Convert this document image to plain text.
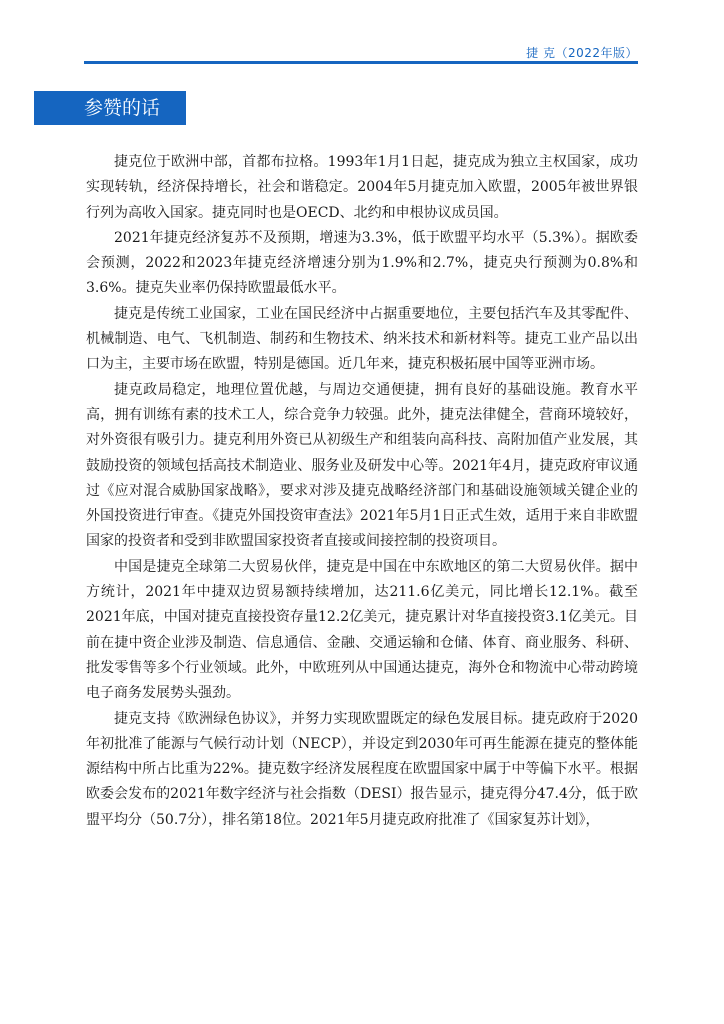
捷 克（2022年版）
参赞的话

捷克位于欧洲中部，首都布拉格。1993年1月1日起，捷克成为独立主权国家，成功实现转轨，经济保持增长，社会和谐稳定。2004年5月捷克加入欧盟，2005年被世界银行列为高收入国家。捷克同时也是OECD、北约和申根协议成员国。

2021年捷克经济复苏不及预期，增速为3.3%，低于欧盟平均水平（5.3%）。据欧委会预测，2022和2023年捷克经济增速分别为1.9%和2.7%，捷克央行预测为0.8%和3.6%。捷克失业率仍保持欧盟最低水平。

捷克是传统工业国家，工业在国民经济中占据重要地位，主要包括汽车及其零配件、机械制造、电气、飞机制造、制药和生物技术、纳米技术和新材料等。捷克工业产品以出口为主，主要市场在欧盟，特别是德国。近几年来，捷克积极拓展中国等亚洲市场。

捷克政局稳定，地理位置优越，与周边交通便捷，拥有良好的基础设施。教育水平高，拥有训练有素的技术工人，综合竞争力较强。此外，捷克法律健全，营商环境较好，对外资很有吸引力。捷克利用外资已从初级生产和组装向高科技、高附加值产业发展，其鼓励投资的领域包括高技术制造业、服务业及研发中心等。2021年4月，捷克政府审议通过《应对混合威胁国家战略》，要求对涉及捷克战略经济部门和基础设施领域关键企业的外国投资进行审查。《捷克外国投资审查法》2021年5月1日正式生效，适用于来自非欧盟国家的投资者和受到非欧盟国家投资者直接或间接控制的投资项目。

中国是捷克全球第二大贸易伙伴，捷克是中国在中东欧地区的第二大贸易伙伴。据中方统计，2021年中捷双边贸易额持续增加，达211.6亿美元，同比增长12.1%。截至2021年底，中国对捷克直接投资存量12.2亿美元，捷克累计对华直接投资3.1亿美元。目前在捷中资企业涉及制造、信息通信、金融、交通运输和仓储、体育、商业服务、科研、批发零售等多个行业领域。此外，中欧班列从中国通达捷克，海外仓和物流中心带动跨境电子商务发展势头强劲。

捷克支持《欧洲绿色协议》，并努力实现欧盟既定的绿色发展目标。捷克政府于2020年初批准了能源与气候行动计划（NECP），并设定到2030年可再生能源在捷克的整体能源结构中所占比重为22%。捷克数字经济发展程度在欧盟国家中属于中等偏下水平。根据欧委会发布的2021年数字经济与社会指数（DESI）报告显示，捷克得分47.4分，低于欧盟平均分（50.7分），排名第18位。2021年5月捷克政府批准了《国家复苏计划》，
